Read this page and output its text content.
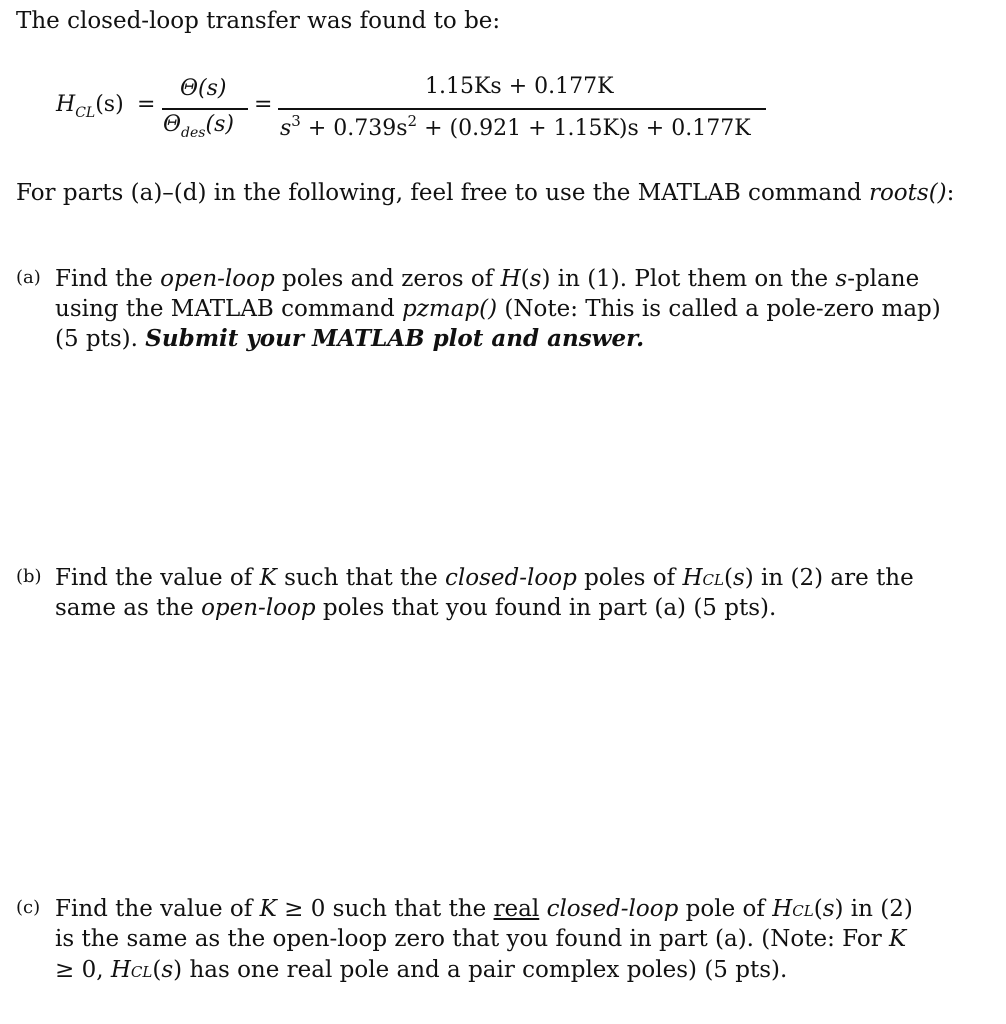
The closed-loop transfer was found to be:
$H_{CL}(s)$ =
Θ(s)
$\Theta_{des}(s)$
=
1.15Ks + 0.177K
$s^3 + 0.739s^2 + (0.921 + 1.15K)s + 0.177K$
For parts (a)–(d) in the following, feel free to use the MATLAB command roots():
(a) Find the open-loop poles and zeros of H(s) in (1). Plot them on the s-plane
using the MATLAB command pzmap() (Note: This is called a pole-zero map)
(5 pts). Submit your MATLAB plot and answer.
(b) Find the value of K such that the closed-loop poles of HCL(s) in (2) are the
same as the open-loop poles that you found in part (a) (5 pts).
(c) Find the value of K ≥ 0 such that the real closed-loop pole of HCL(s) in (2)
is the same as the open-loop zero that you found in part (a). (Note: For K
≥ 0, HCL(s) has one real pole and a pair complex poles) (5 pts).
